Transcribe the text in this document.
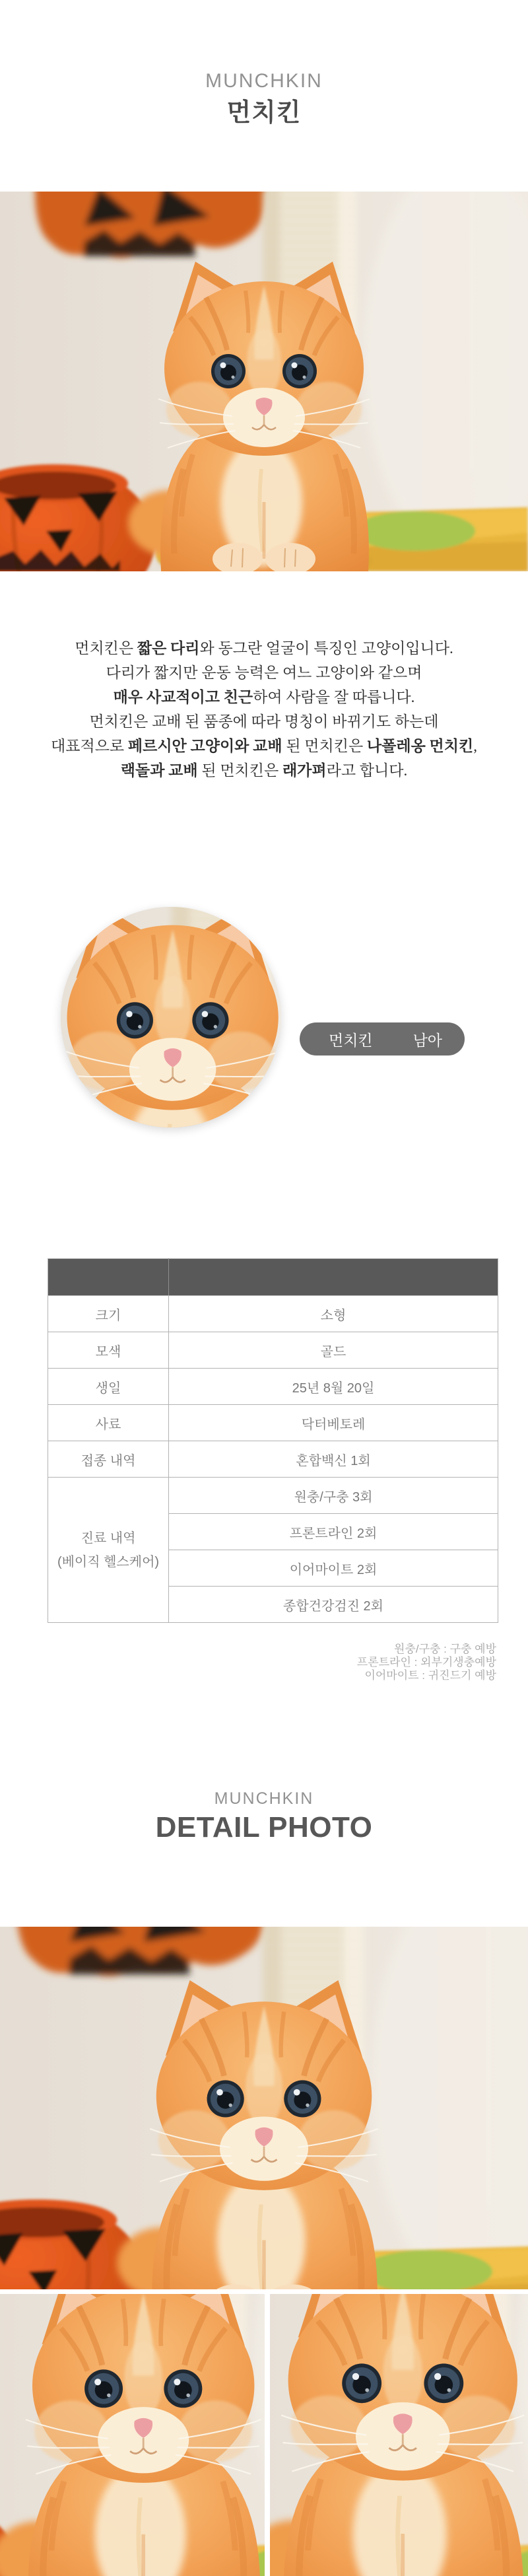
MUNCHKIN
먼치킨

먼치킨은 짧은 다리와 동그란 얼굴이 특징인 고양이입니다.

다리가 짧지만 운동 능력은 여느 고양이와 같으며

매우 사교적이고 친근하여 사람을 잘 따릅니다.

먼치킨은 교배 된 품종에 따라 명칭이 바뀌기도 하는데

대표적으로 페르시안 고양이와 교배 된 먼치킨은 나폴레옹 먼치킨,

랙돌과 교배 된 먼치킨은 래가펴라고 합니다.

먼치킨	남아

크기	소형
모색	골드
생일	25년 8월 20일
사료	닥터베토레
접종 내역	혼합백신 1회

진료 내역
(베이직 헬스케어)	원충/구충 3회
	프론트라인 2회
	이어마이트 2회
	종합건강검진 2회
원충/구충 : 구충 예방
프론트라인 : 외부기생충예방
이어마이트 : 귀진드기 예방
MUNCHKIN
DETAIL PHOTO
